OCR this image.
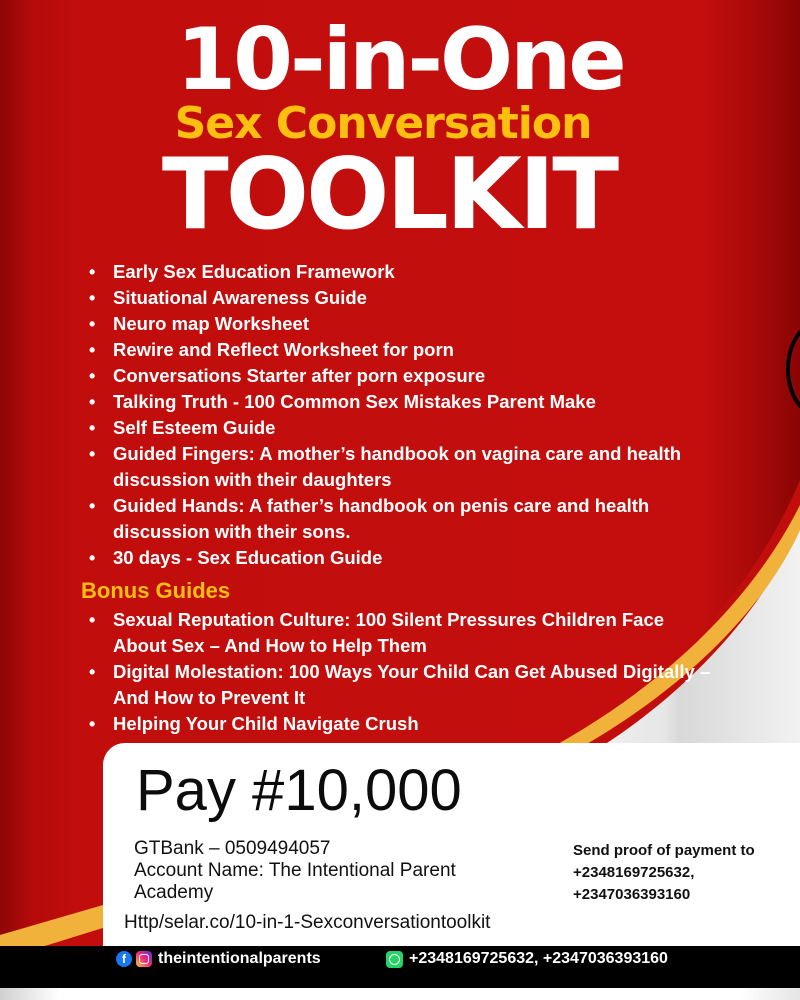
10-in-One
Sex Conversation
TOOLKIT
• Early Sex Education Framework
• Situational Awareness Guide
• Neuro map Worksheet
• Rewire and Reflect Worksheet for porn
• Conversations Starter after porn exposure
• Talking Truth - 100 Common Sex Mistakes Parent Make
• Self Esteem Guide
• Guided Fingers: A mother’s handbook on vagina care and health discussion with their daughters
• Guided Hands: A father’s handbook on penis care and health discussion with their sons.
• 30 days - Sex Education Guide
Bonus Guides
• Sexual Reputation Culture: 100 Silent Pressures Children Face About Sex – And How to Help Them
• Digital Molestation: 100 Ways Your Child Can Get Abused Digitally – And How to Prevent It
• Helping Your Child Navigate Crush
Pay #10,000
GTBank – 0509494057
Account Name: The Intentional Parent Academy
Send proof of payment to
+2348169725632,
+2347036393160
Http/selar.co/10-in-1-Sexconversationtoolkit
f	theintentionalparents	+2348169725632, +2347036393160
